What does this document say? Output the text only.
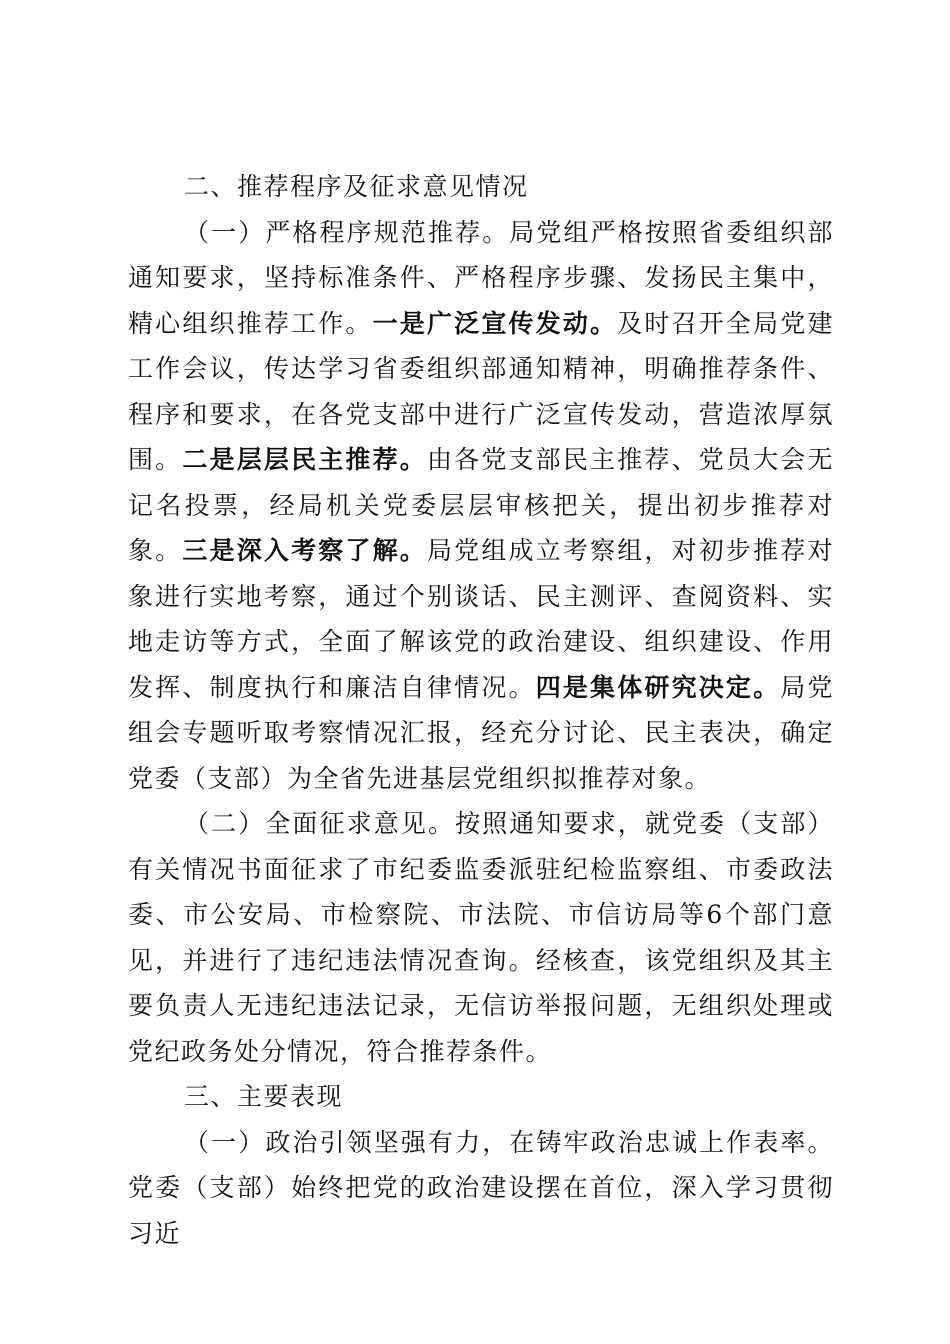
二、推荐程序及征求意见情况

（一）严格程序规范推荐。局党组严格按照省委组织部通知要求，坚持标准条件、严格程序步骤、发扬民主集中，精心组织推荐工作。一是广泛宣传发动。及时召开全局党建工作会议，传达学习省委组织部通知精神，明确推荐条件、程序和要求，在各党支部中进行广泛宣传发动，营造浓厚氛围。二是层层民主推荐。由各党支部民主推荐、党员大会无记名投票，经局机关党委层层审核把关，提出初步推荐对象。三是深入考察了解。局党组成立考察组，对初步推荐对象进行实地考察，通过个别谈话、民主测评、查阅资料、实地走访等方式，全面了解该党的政治建设、组织建设、作用发挥、制度执行和廉洁自律情况。四是集体研究决定。局党组会专题听取考察情况汇报，经充分讨论、民主表决，确定党委（支部）为全省先进基层党组织拟推荐对象。

（二）全面征求意见。按照通知要求，就党委（支部）有关情况书面征求了市纪委监委派驻纪检监察组、市委政法委、市公安局、市检察院、市法院、市信访局等6个部门意见，并进行了违纪违法情况查询。经核查，该党组织及其主要负责人无违纪违法记录，无信访举报问题，无组织处理或党纪政务处分情况，符合推荐条件。

三、主要表现

（一）政治引领坚强有力，在铸牢政治忠诚上作表率。党委（支部）始终把党的政治建设摆在首位，深入学习贯彻习近
